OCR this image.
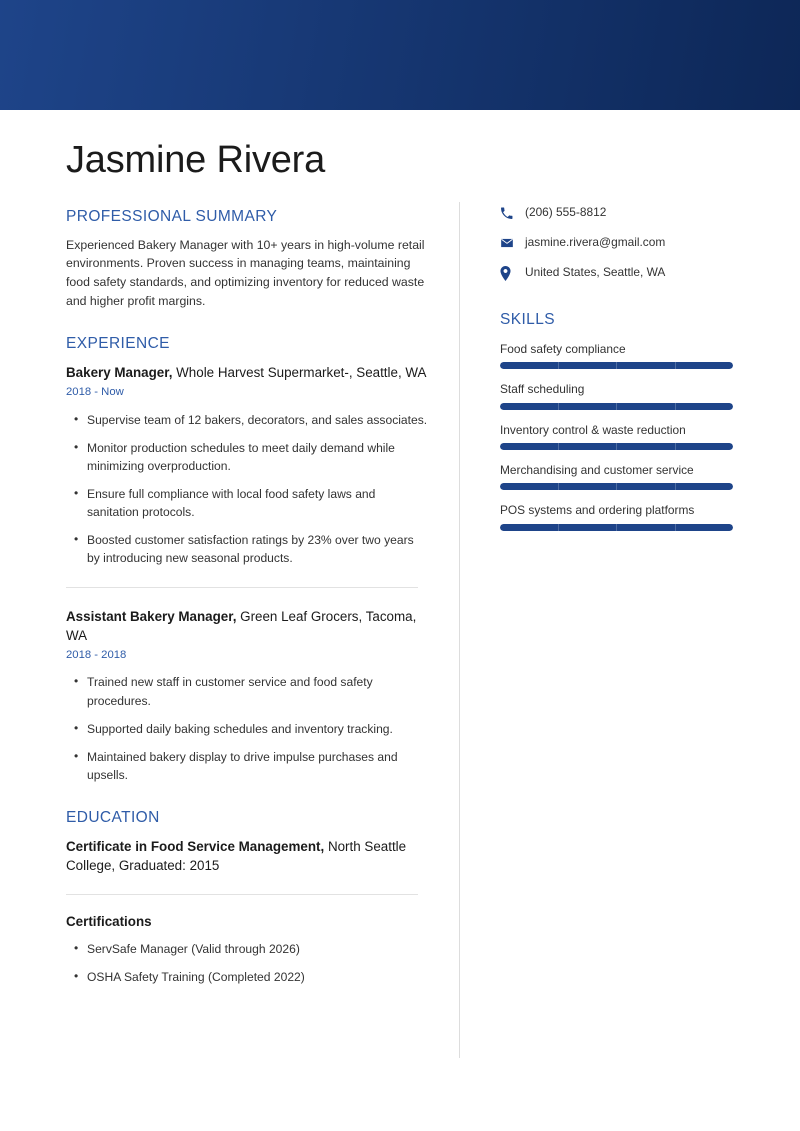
Jasmine Rivera
PROFESSIONAL SUMMARY

Experienced Bakery Manager with 10+ years in high-volume retail environments. Proven success in managing teams, maintaining food safety standards, and optimizing inventory for reduced waste and higher profit margins.

EXPERIENCE

Bakery Manager, Whole Harvest Supermarket-, Seattle, WA

2018 - Now

• Supervise team of 12 bakers, decorators, and sales associates.
• Monitor production schedules to meet daily demand while minimizing overproduction.
• Ensure full compliance with local food safety laws and sanitation protocols.
• Boosted customer satisfaction ratings by 23% over two years by introducing new seasonal products.

Assistant Bakery Manager, Green Leaf Grocers, Tacoma, WA

2018 - 2018

• Trained new staff in customer service and food safety procedures.
• Supported daily baking schedules and inventory tracking.
• Maintained bakery display to drive impulse purchases and upsells.
EDUCATION

Certificate in Food Service Management, North Seattle College, Graduated: 2015

Certifications
• ServSafe Manager (Valid through 2026)
• OSHA Safety Training (Completed 2022)
(206) 555-8812
jasmine.rivera@gmail.com
United States, Seattle, WA
SKILLS
Food safety compliance
Staff scheduling
Inventory control & waste reduction
Merchandising and customer service
POS systems and ordering platforms
